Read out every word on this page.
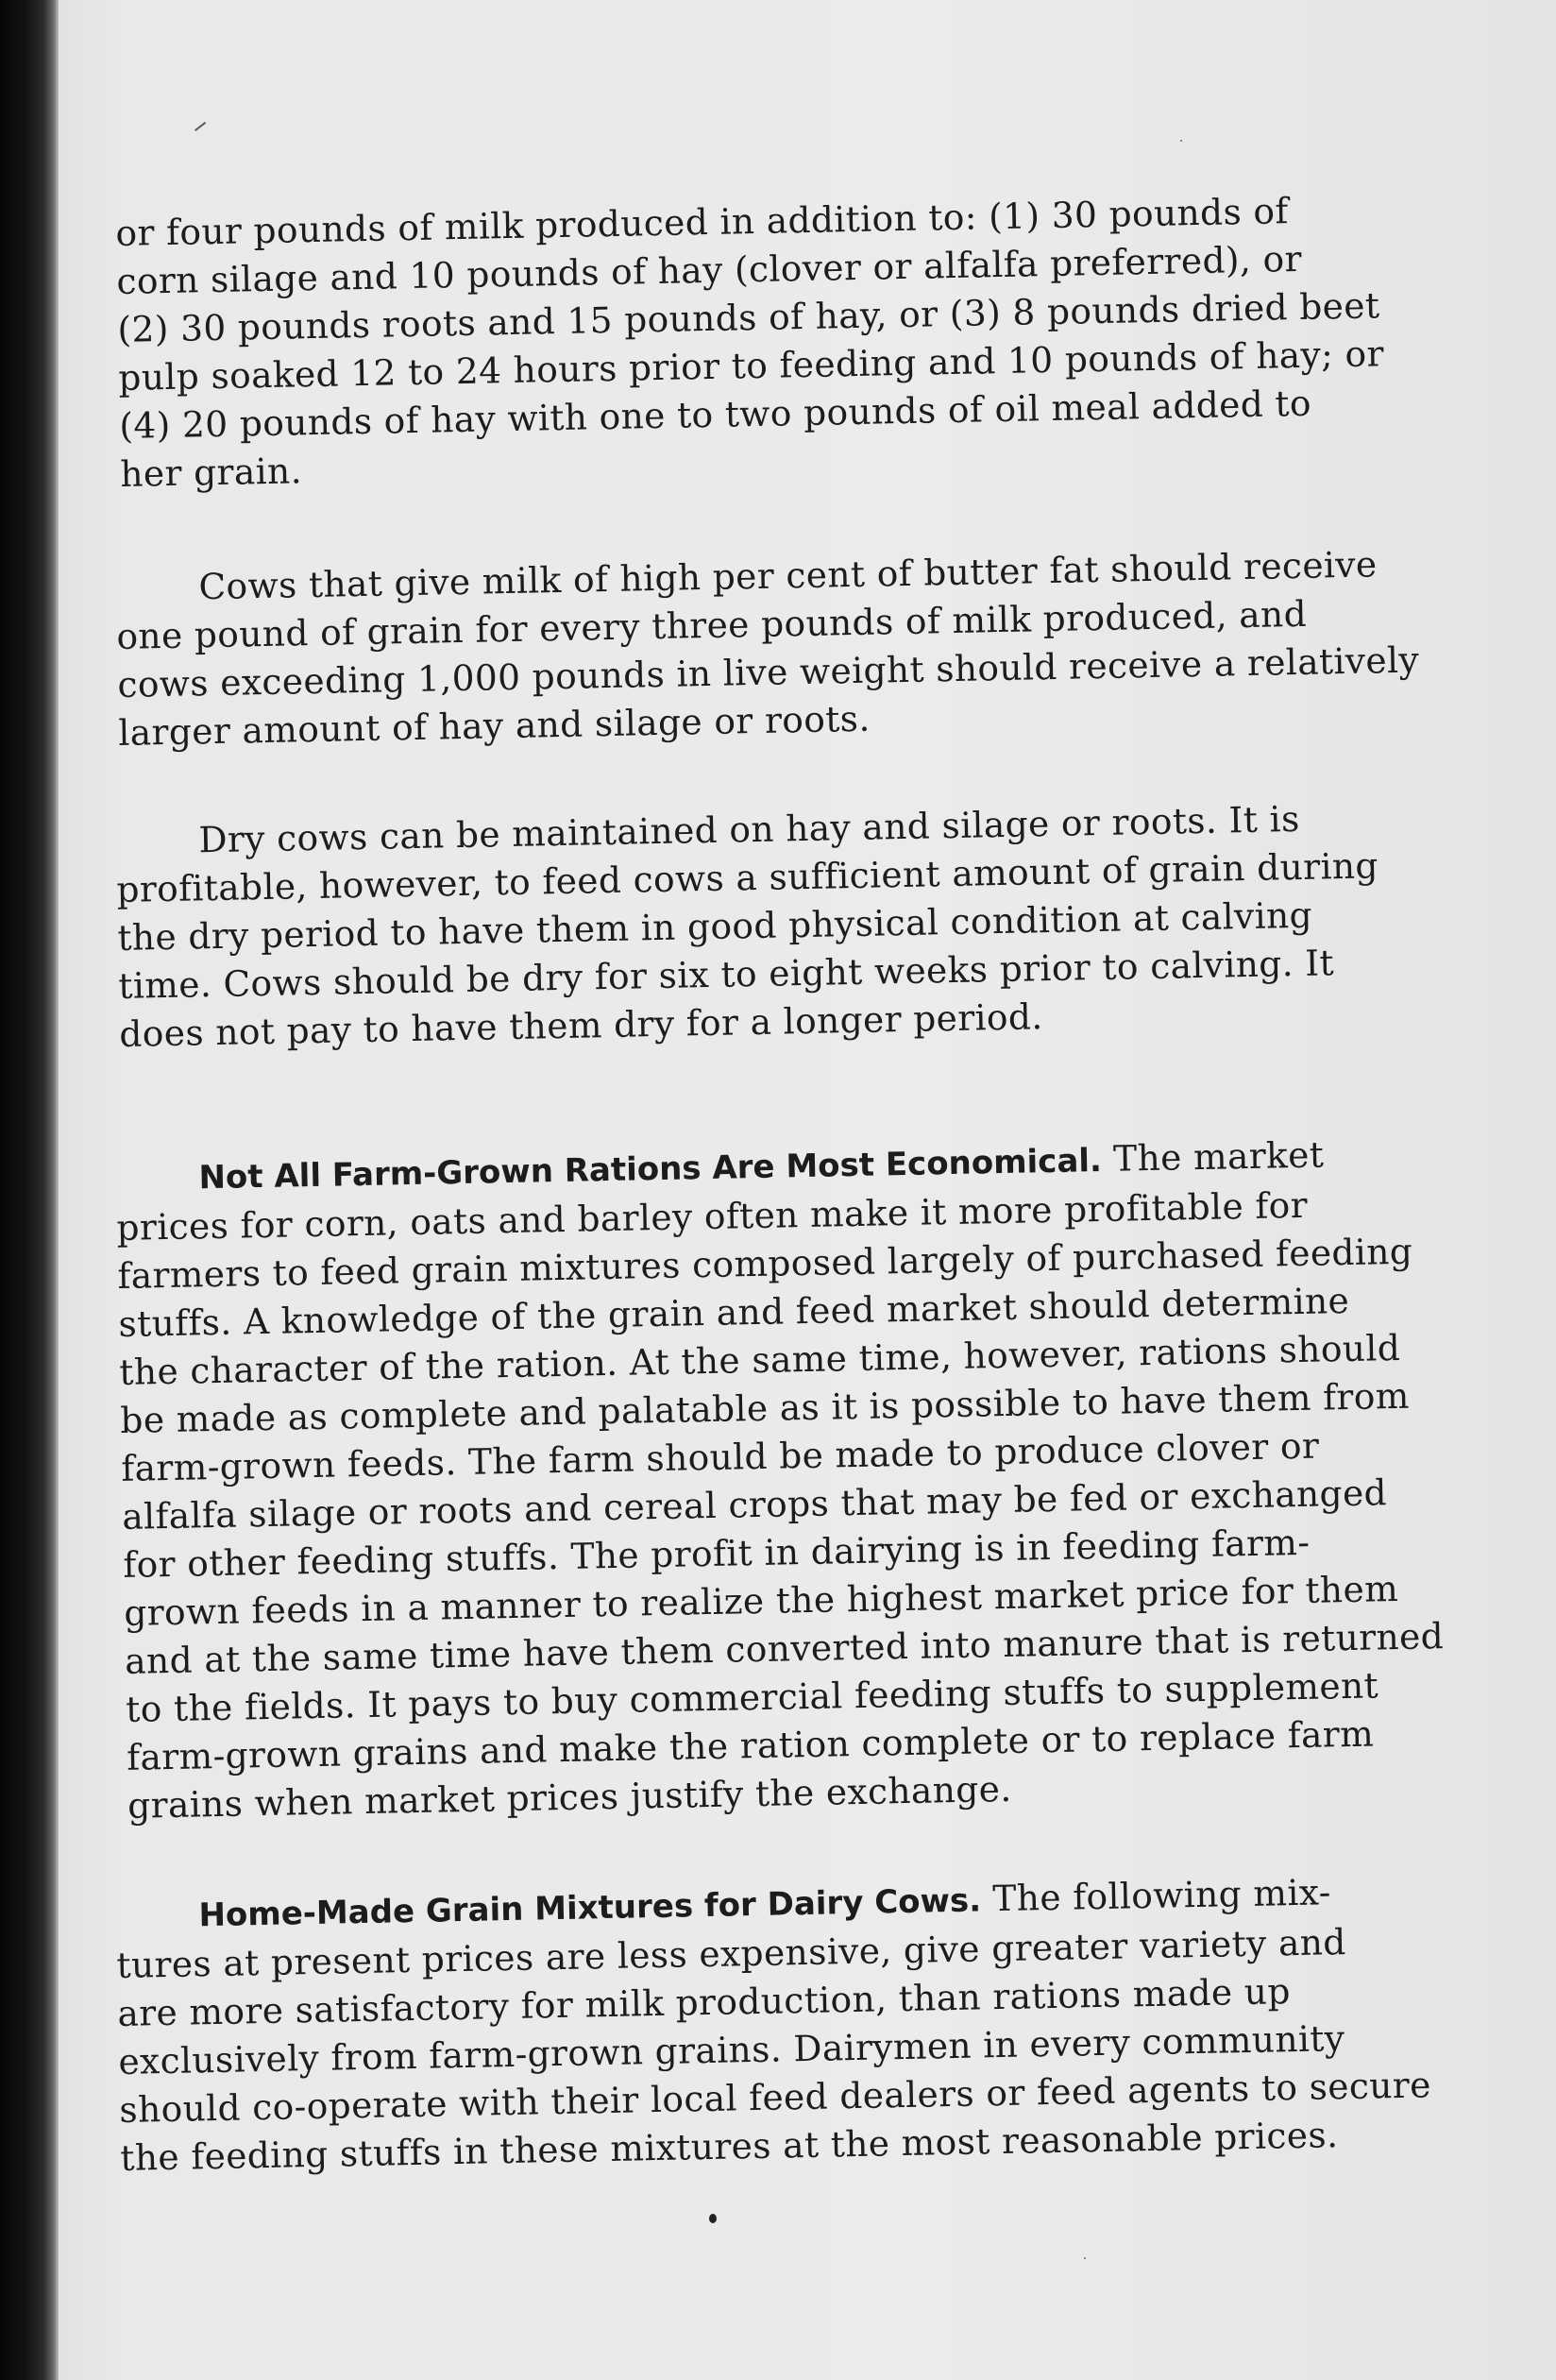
or four pounds of milk produced in addition to: (1) 30 pounds of
corn silage and 10 pounds of hay (clover or alfalfa preferred), or
(2) 30 pounds roots and 15 pounds of hay, or (3) 8 pounds dried beet
pulp soaked 12 to 24 hours prior to feeding and 10 pounds of hay; or
(4) 20 pounds of hay with one to two pounds of oil meal added to
her grain.
Cows that give milk of high per cent of butter fat should receive
one pound of grain for every three pounds of milk produced, and
cows exceeding 1,000 pounds in live weight should receive a relatively
larger amount of hay and silage or roots.
Dry cows can be maintained on hay and silage or roots. It is
profitable, however, to feed cows a sufficient amount of grain during
the dry period to have them in good physical condition at calving
time. Cows should be dry for six to eight weeks prior to calving. It
does not pay to have them dry for a longer period.
Not All Farm-Grown Rations Are Most Economical. The market
prices for corn, oats and barley often make it more profitable for
farmers to feed grain mixtures composed largely of purchased feeding
stuffs. A knowledge of the grain and feed market should determine
the character of the ration. At the same time, however, rations should
be made as complete and palatable as it is possible to have them from
farm-grown feeds. The farm should be made to produce clover or
alfalfa silage or roots and cereal crops that may be fed or exchanged
for other feeding stuffs. The profit in dairying is in feeding farm-
grown feeds in a manner to realize the highest market price for them
and at the same time have them converted into manure that is returned
to the fields. It pays to buy commercial feeding stuffs to supplement
farm-grown grains and make the ration complete or to replace farm
grains when market prices justify the exchange.
Home-Made Grain Mixtures for Dairy Cows. The following mix-
tures at present prices are less expensive, give greater variety and
are more satisfactory for milk production, than rations made up
exclusively from farm-grown grains. Dairymen in every community
should co-operate with their local feed dealers or feed agents to secure
the feeding stuffs in these mixtures at the most reasonable prices.
